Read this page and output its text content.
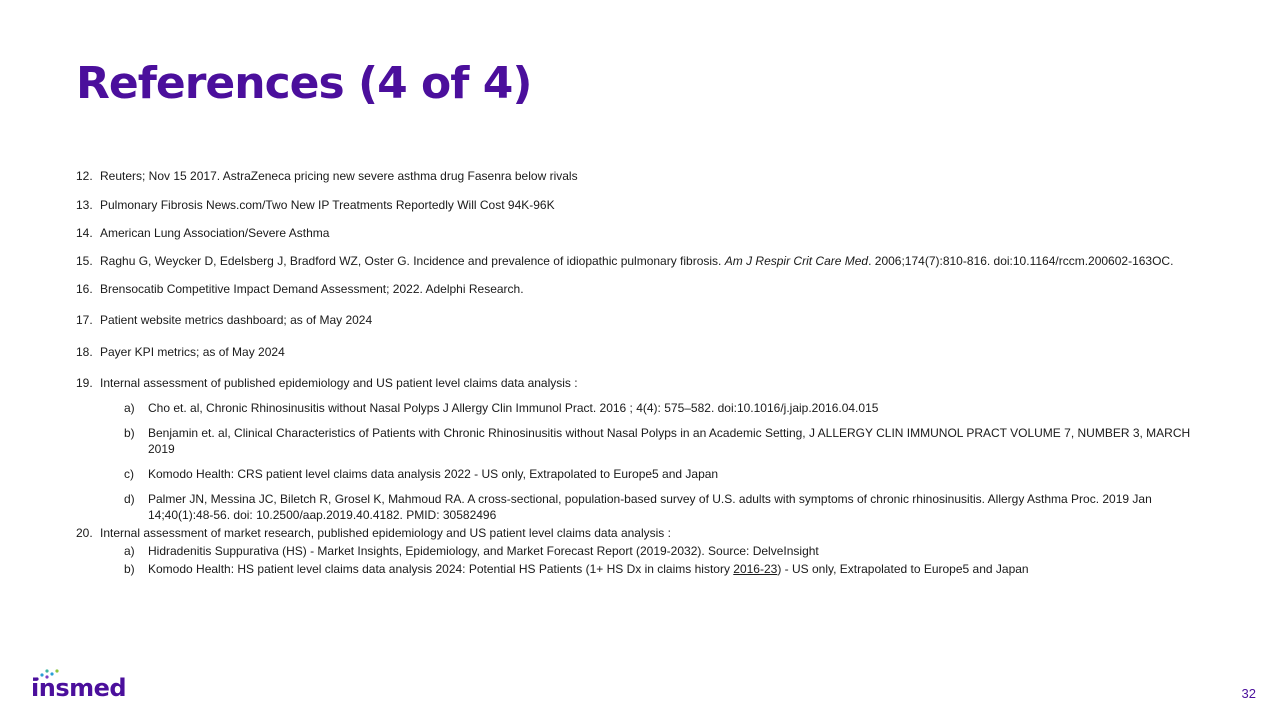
References (4 of 4)
12. Reuters; Nov 15 2017. AstraZeneca pricing new severe asthma drug Fasenra below rivals
13. Pulmonary Fibrosis News.com/Two New IP Treatments Reportedly Will Cost 94K-96K
14. American Lung Association/Severe Asthma
15. Raghu G, Weycker D, Edelsberg J, Bradford WZ, Oster G. Incidence and prevalence of idiopathic pulmonary fibrosis. Am J Respir Crit Care Med. 2006;174(7):810-816. doi:10.1164/rccm.200602-163OC.
16. Brensocatib Competitive Impact Demand Assessment; 2022. Adelphi Research.
17. Patient website metrics dashboard; as of May 2024
18. Payer KPI metrics; as of May 2024
19. Internal assessment of published epidemiology and US patient level claims data analysis :
a) Cho et. al, Chronic Rhinosinusitis without Nasal Polyps J Allergy Clin Immunol Pract. 2016 ; 4(4): 575–582. doi:10.1016/j.jaip.2016.04.015
b) Benjamin et. al, Clinical Characteristics of Patients with Chronic Rhinosinusitis without Nasal Polyps in an Academic Setting, J ALLERGY CLIN IMMUNOL PRACT VOLUME 7, NUMBER 3, MARCH 2019
c) Komodo Health: CRS patient level claims data analysis 2022 - US only, Extrapolated to Europe5 and Japan
d) Palmer JN, Messina JC, Biletch R, Grosel K, Mahmoud RA. A cross-sectional, population-based survey of U.S. adults with symptoms of chronic rhinosinusitis. Allergy Asthma Proc. 2019 Jan 14;40(1):48-56. doi: 10.2500/aap.2019.40.4182. PMID: 30582496
20. Internal assessment of market research, published epidemiology and US patient level claims data analysis :
a) Hidradenitis Suppurativa (HS) - Market Insights, Epidemiology, and Market Forecast Report (2019-2032). Source: DelveInsight
b) Komodo Health: HS patient level claims data analysis 2024: Potential HS Patients (1+ HS Dx in claims history 2016-23) - US only, Extrapolated to Europe5 and Japan
insmed	32
